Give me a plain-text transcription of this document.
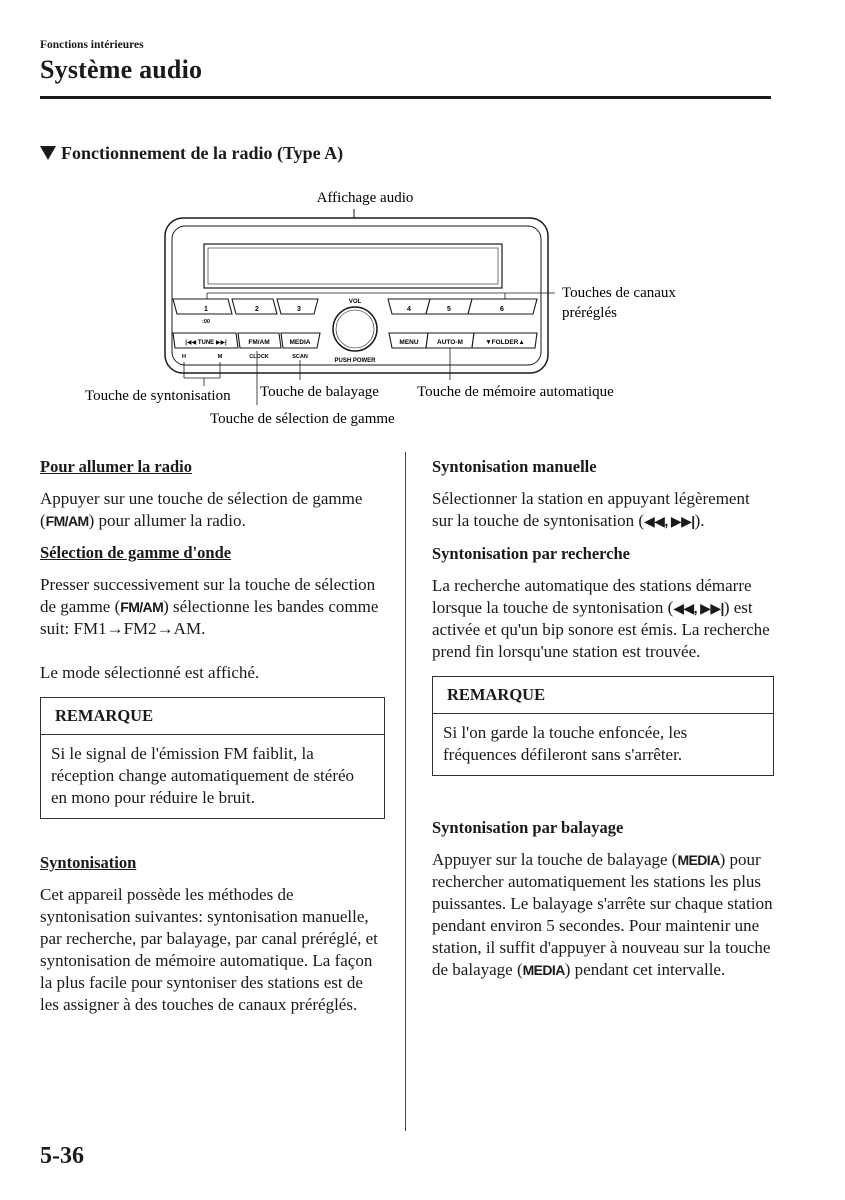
Fonctions intérieures
Système audio
Fonctionnement de la radio (Type A)
Affichage audio
1	2	3
:00
4	5	6
VOL
PUSH POWER
|◀◀ TUNE ▶▶|
H	M
FM/AM
CLOCK
MEDIA
SCAN
MENU	AUTO-M	▼FOLDER▲
Touches de canaux
préréglés
Touche de syntonisation
Touche de sélection de gamme
Touche de balayage	Touche de mémoire automatique

Pour allumer la radio

Appuyer sur une touche de sélection de gamme (FM/AM) pour allumer la radio.

Sélection de gamme d'onde

Presser successivement sur la touche de sélection de gamme (FM/AM) sélectionne les bandes comme suit: FM1→FM2→AM.

Le mode sélectionné est affiché.

REMARQUE
Si le signal de l'émission FM faiblit, la réception change automatiquement de stéréo en mono pour réduire le bruit.

Syntonisation

Cet appareil possède les méthodes de syntonisation suivantes: syntonisation manuelle, par recherche, par balayage, par canal préréglé, et syntonisation de mémoire automatique. La façon la plus facile pour syntoniser des stations est de les assigner à des touches de canaux préréglés.

Syntonisation manuelle

Sélectionner la station en appuyant légèrement sur la touche de syntonisation (◀◀, ▶▶|).

Syntonisation par recherche

La recherche automatique des stations démarre lorsque la touche de syntonisation (◀◀, ▶▶|) est activée et qu'un bip sonore est émis. La recherche prend fin lorsqu'une station est trouvée.

REMARQUE
Si l'on garde la touche enfoncée, les fréquences défileront sans s'arrêter.

Syntonisation par balayage

Appuyer sur la touche de balayage (MEDIA) pour rechercher automatiquement les stations les plus puissantes. Le balayage s'arrête sur chaque station pendant environ 5 secondes. Pour maintenir une station, il suffit d'appuyer à nouveau sur la touche de balayage (MEDIA) pendant cet intervalle.

5-36
